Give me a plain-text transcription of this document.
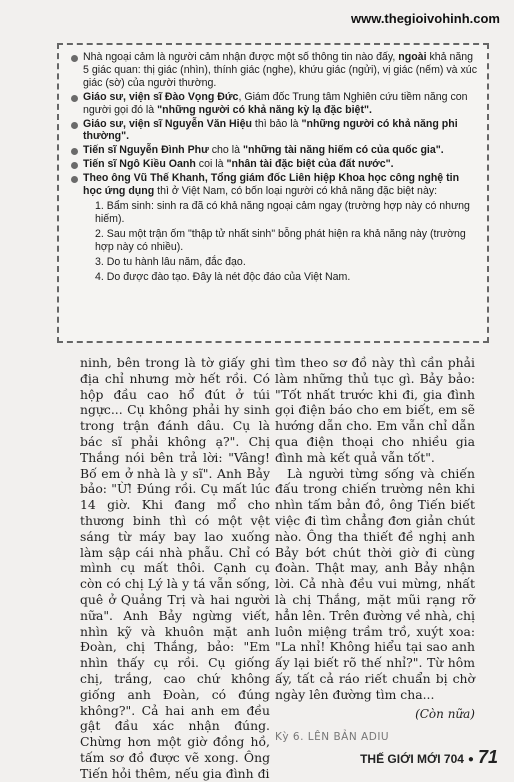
www.thegioivohinh.com
Nhà ngoại cảm là người cảm nhận được một số thông tin nào đấy, ngoài khả năng 5 giác quan: thị giác (nhìn), thính giác (nghe), khứu giác (ngửi), vị giác (nếm) và xúc giác (sờ) của người thường.
Giáo sư, viện sĩ Đào Vọng Đức, Giám đốc Trung tâm Nghiên cứu tiềm năng con người gọi đó là "những người có khả năng kỳ lạ đặc biệt".
Giáo sư, viện sĩ Nguyễn Văn Hiệu thì bảo là "những người có khả năng phi thường".
Tiến sĩ Nguyễn Đình Phư cho là "những tài năng hiếm có của quốc gia".
Tiến sĩ Ngô Kiều Oanh coi là "nhân tài đặc biệt của đất nước".
Theo ông Vũ Thế Khanh, Tổng giám đốc Liên hiệp Khoa học công nghệ tin học ứng dụng thì ở Việt Nam, có bốn loại người có khả năng đặc biệt này:
1. Bẩm sinh: sinh ra đã có khả năng ngoại cảm ngay (trường hợp này có nhưng hiếm).
2. Sau một trận ốm "thập tử nhất sinh" bỗng phát hiện ra khả năng này (trường hợp này có nhiều).
3. Do tu hành lâu năm, đắc đạo.
4. Do được đào tạo. Đây là nét độc đáo của Việt Nam.

ninh, bên trong là tờ giấy ghi địa chỉ nhưng mờ hết rồi. Có hộp đầu cao hổ đút ở túi ngực... Cụ không phải hy sinh trong trận đánh dâu. Cụ là bác sĩ phải không ạ?". Chị Thắng nói bên trả lời: "Vâng! Bố em ở nhà là y sĩ". Anh Bảy bảo: "Ừ! Đúng rồi. Cụ mất lúc 14 giờ. Khi đang mổ cho thương binh thì có một vệt sáng từ máy bay lao xuống làm sập cái nhà phẫu. Chỉ có mình cụ mất thôi. Cạnh cụ còn có chị Lý là y tá vẫn sống, quê ở Quảng Trị và hai người nữa". Anh Bảy ngừng viết, nhìn kỹ và khuôn mặt anh Đoàn, chị Thắng, bảo: "Em nhìn thấy cụ rồi. Cụ giống chị, trắng, cao chứ không giống anh Đoàn, có đúng không?". Cả hai anh em đều gật đầu xác nhận đúng. Chừng hơn một giờ đồng hồ, tấm sơ đồ được vẽ xong. Ông Tiến hỏi thêm, nếu gia đình đi

tìm theo sơ đồ này thì cần phải làm những thủ tục gì. Bảy bảo: "Tốt nhất trước khi đi, gia đình gọi điện báo cho em biết, em sẽ hướng dẫn cho. Em vẫn chỉ dẫn qua điện thoại cho nhiều gia đình mà kết quả vẫn tốt".

Là người từng sống và chiến đấu trong chiến trường nên khi nhìn tấm bản đồ, ông Tiến biết việc đi tìm chẳng đơn giản chút nào. Ông tha thiết đề nghị anh Bảy bớt chút thời giờ đi cùng đoàn. Thật may, anh Bảy nhận lời. Cả nhà đều vui mừng, nhất là chị Thắng, mặt mũi rạng rỡ hẳn lên. Trên đường về nhà, chị luôn miệng trầm trồ, xuýt xoa: "La nhỉ! Không hiểu tại sao anh ấy lại biết rõ thế nhỉ?". Từ hôm ấy, tất cả ráo riết chuẩn bị chờ ngày lên đường tìm cha...

(Còn nữa)
Kỳ 6. LÊN BẢN ADIU
THẾ GIỚI MỚI 704 ● 71
